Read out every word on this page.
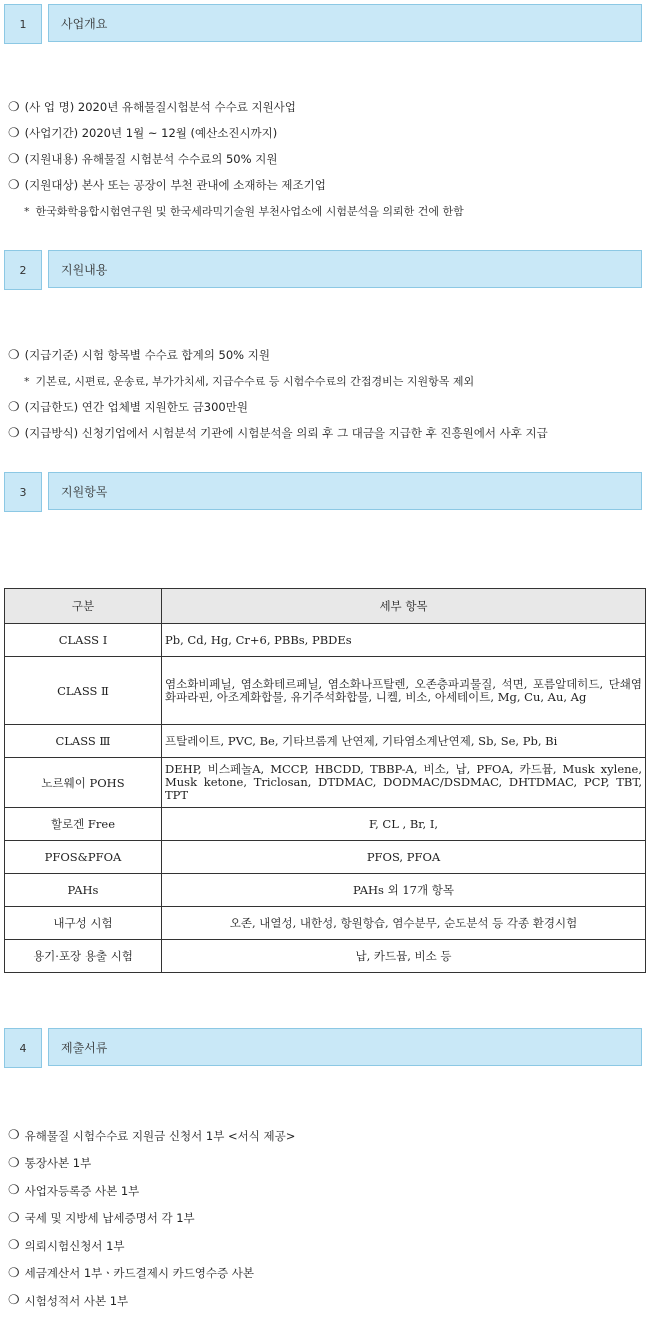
1	사업개요
❍ (사 업 명) 2020년 유해물질시험분석 수수료 지원사업
❍ (사업기간) 2020년 1월 ~ 12월 (예산소진시까지)
❍ (지원내용) 유해물질 시험분석 수수료의 50% 지원
❍ (지원대상) 본사 또는 공장이 부천 관내에 소재하는 제조기업
* 한국화학융합시험연구원 및 한국세라믹기술원 부천사업소에 시험분석을 의뢰한 건에 한함
2	지원내용
❍ (지급기준) 시험 항목별 수수료 합계의 50% 지원
* 기본료, 시편료, 운송료, 부가가치세, 지급수수료 등 시험수수료의 간접경비는 지원항목 제외
❍ (지급한도) 연간 업체별 지원한도 금300만원
❍ (지급방식) 신청기업에서 시험분석 기관에 시험분석을 의뢰 후 그 대금을 지급한 후 진흥원에서 사후 지급
3	지원항목
구분	세부 항목
CLASS Ⅰ	Pb, Cd, Hg, Cr+6, PBBs, PBDEs
CLASS Ⅱ	염소화비페닐, 염소화테르페닐, 염소화나프탈렌, 오존층파괴물질, 석면, 포름알데히드, 단쇄염화파라핀, 아조계화합물, 유기주석화합물, 니켈, 비소, 아세테이트, Mg, Cu, Au, Ag
CLASS Ⅲ	프탈레이트, PVC, Be, 기타브롬계 난연제, 기타염소계난연제, Sb, Se, Pb, Bi
노르웨이 POHS	DEHP, 비스페놀A, MCCP, HBCDD, TBBP-A, 비소, 납, PFOA, 카드뮴, Musk xylene, Musk ketone, Triclosan, DTDMAC, DODMAC/DSDMAC, DHTDMAC, PCP, TBT, TPT
할로겐 Free	F, CL , Br, I,
PFOS&PFOA	PFOS, PFOA
PAHs	PAHs 외 17개 항목
내구성 시험	오존, 내열성, 내한성, 항원항습, 염수분무, 순도분석 등 각종 환경시험
용기·포장 용출 시험	납, 카드뮴, 비소 등
4	제출서류
❍ 유해물질 시험수수료 지원금 신청서 1부 <서식 제공>
❍ 통장사본 1부
❍ 사업자등록증 사본 1부
❍ 국세 및 지방세 납세증명서 각 1부
❍ 의뢰시험신청서 1부
❍ 세금계산서 1부ㆍ카드결제시 카드영수증 사본
❍ 시험성적서 사본 1부
